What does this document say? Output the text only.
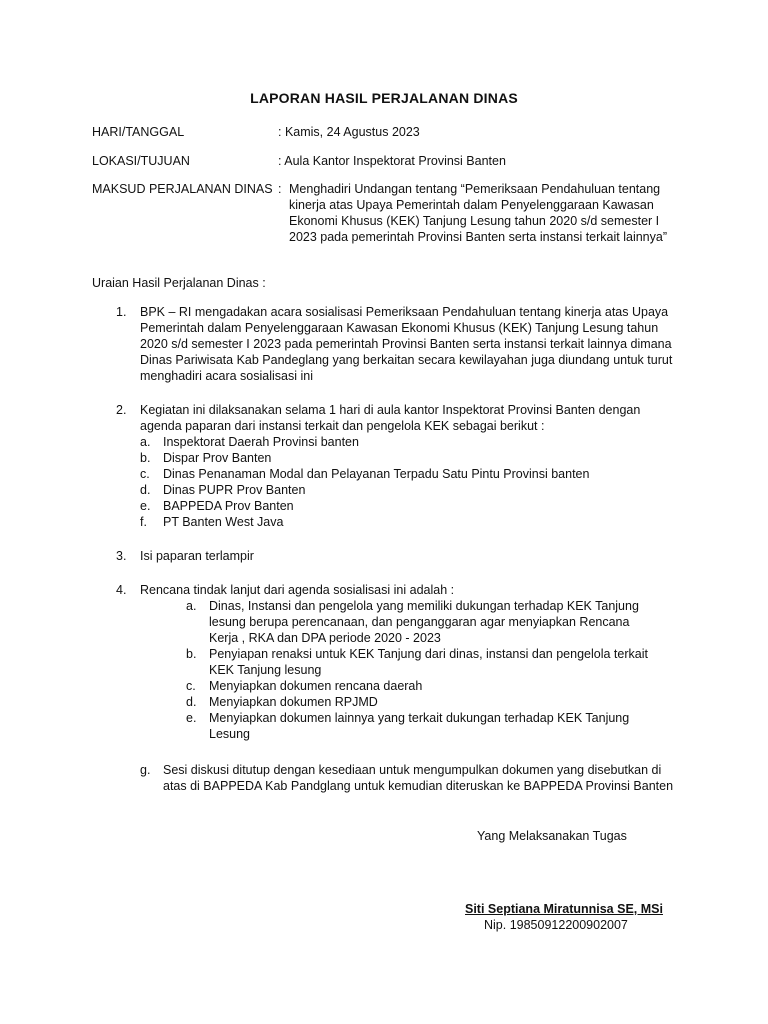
LAPORAN HASIL PERJALANAN DINAS
HARI/TANGGAL	: Kamis, 24 Agustus 2023
LOKASI/TUJUAN	: Aula Kantor Inspektorat Provinsi Banten
MAKSUD PERJALANAN DINAS : Menghadiri Undangan tentang “Pemeriksaan Pendahuluan tentang kinerja atas Upaya Pemerintah dalam Penyelenggaraan Kawasan Ekonomi Khusus (KEK) Tanjung Lesung tahun 2020 s/d semester I 2023 pada pemerintah Provinsi Banten serta instansi terkait lainnya”
Uraian Hasil Perjalanan Dinas :
1. BPK – RI mengadakan acara sosialisasi Pemeriksaan Pendahuluan tentang kinerja atas Upaya Pemerintah dalam Penyelenggaraan Kawasan Ekonomi Khusus (KEK) Tanjung Lesung tahun 2020 s/d semester I 2023 pada pemerintah Provinsi Banten serta instansi terkait lainnya dimana Dinas Pariwisata Kab Pandeglang yang berkaitan secara kewilayahan juga diundang untuk turut menghadiri acara sosialisasi ini
2. Kegiatan ini dilaksanakan selama 1 hari di aula kantor Inspektorat Provinsi Banten dengan agenda paparan dari instansi terkait dan pengelola KEK sebagai berikut :
a. Inspektorat Daerah Provinsi banten
b. Dispar Prov Banten
c. Dinas Penanaman Modal dan Pelayanan Terpadu Satu Pintu Provinsi banten
d. Dinas PUPR Prov Banten
e. BAPPEDA Prov Banten
f. PT Banten West Java
3. Isi paparan terlampir
4. Rencana tindak lanjut dari agenda sosialisasi ini adalah :
a. Dinas, Instansi dan pengelola yang memiliki dukungan terhadap KEK Tanjung lesung berupa perencanaan, dan penganggaran agar menyiapkan Rencana Kerja , RKA dan DPA periode 2020 - 2023
b. Penyiapan renaksi untuk KEK Tanjung dari dinas, instansi dan pengelola terkait KEK Tanjung lesung
c. Menyiapkan dokumen rencana daerah
d. Menyiapkan dokumen RPJMD
e. Menyiapkan dokumen lainnya yang terkait dukungan terhadap KEK Tanjung Lesung
g. Sesi diskusi ditutup dengan kesediaan untuk mengumpulkan dokumen yang disebutkan di atas di BAPPEDA Kab Pandglang untuk kemudian diteruskan ke BAPPEDA Provinsi Banten
Yang Melaksanakan Tugas
Siti Septiana Miratunnisa SE, MSi
Nip. 19850912200902007
